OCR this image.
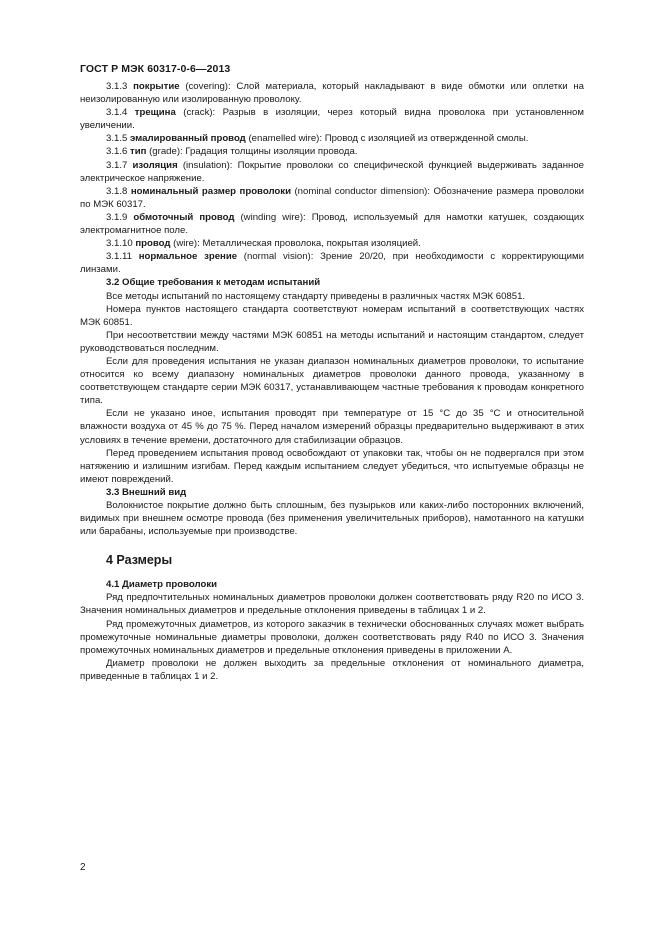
ГОСТ Р МЭК 60317-0-6—2013

3.1.3 покрытие (covering): Слой материала, который накладывают в виде обмотки или оплетки на неизолированную или изолированную проволоку.

3.1.4 трещина (crack): Разрыв в изоляции, через который видна проволока при установленном увеличении.

3.1.5 эмалированный провод (enamelled wire): Провод с изоляцией из отвержденной смолы.

3.1.6 тип (grade): Градация толщины изоляции провода.

3.1.7 изоляция (insulation): Покрытие проволоки со специфической функцией выдерживать заданное электрическое напряжение.

3.1.8 номинальный размер проволоки (nominal conductor dimension): Обозначение размера проволоки по МЭК 60317.

3.1.9 обмоточный провод (winding wire): Провод, используемый для намотки катушек, создающих электромагнитное поле.

3.1.10 провод (wire): Металлическая проволока, покрытая изоляцией.

3.1.11 нормальное зрение (normal vision): Зрение 20/20, при необходимости с корректирующими линзами.

3.2 Общие требования к методам испытаний

Все методы испытаний по настоящему стандарту приведены в различных частях МЭК 60851.

Номера пунктов настоящего стандарта соответствуют номерам испытаний в соответствующих частях МЭК 60851.

При несоответствии между частями МЭК 60851 на методы испытаний и настоящим стандартом, следует руководствоваться последним.

Если для проведения испытания не указан диапазон номинальных диаметров проволоки, то испытание относится ко всему диапазону номинальных диаметров проволоки данного провода, указанному в соответствующем стандарте серии МЭК 60317, устанавливающем частные требования к проводам конкретного типа.

Если не указано иное, испытания проводят при температуре от 15 °С до 35 °С и относительной влажности воздуха от 45 % до 75 %. Перед началом измерений образцы предварительно выдерживают в этих условиях в течение времени, достаточного для стабилизации образцов.

Перед проведением испытания провод освобождают от упаковки так, чтобы он не подвергался при этом натяжению и излишним изгибам. Перед каждым испытанием следует убедиться, что испытуемые образцы не имеют повреждений.

3.3 Внешний вид

Волокнистое покрытие должно быть сплошным, без пузырьков или каких-либо посторонних включений, видимых при внешнем осмотре провода (без применения увеличительных приборов), намотанного на катушки или барабаны, используемые при производстве.

4 Размеры

4.1 Диаметр проволоки

Ряд предпочтительных номинальных диаметров проволоки должен соответствовать ряду R20 по ИСО 3. Значения номинальных диаметров и предельные отклонения приведены в таблицах 1 и 2.

Ряд промежуточных диаметров, из которого заказчик в технически обоснованных случаях может выбрать промежуточные номинальные диаметры проволоки, должен соответствовать ряду R40 по ИСО 3. Значения промежуточных номинальных диаметров и предельные отклонения приведены в приложении А.

Диаметр проволоки не должен выходить за предельные отклонения от номинального диаметра, приведенные в таблицах 1 и 2.

2
